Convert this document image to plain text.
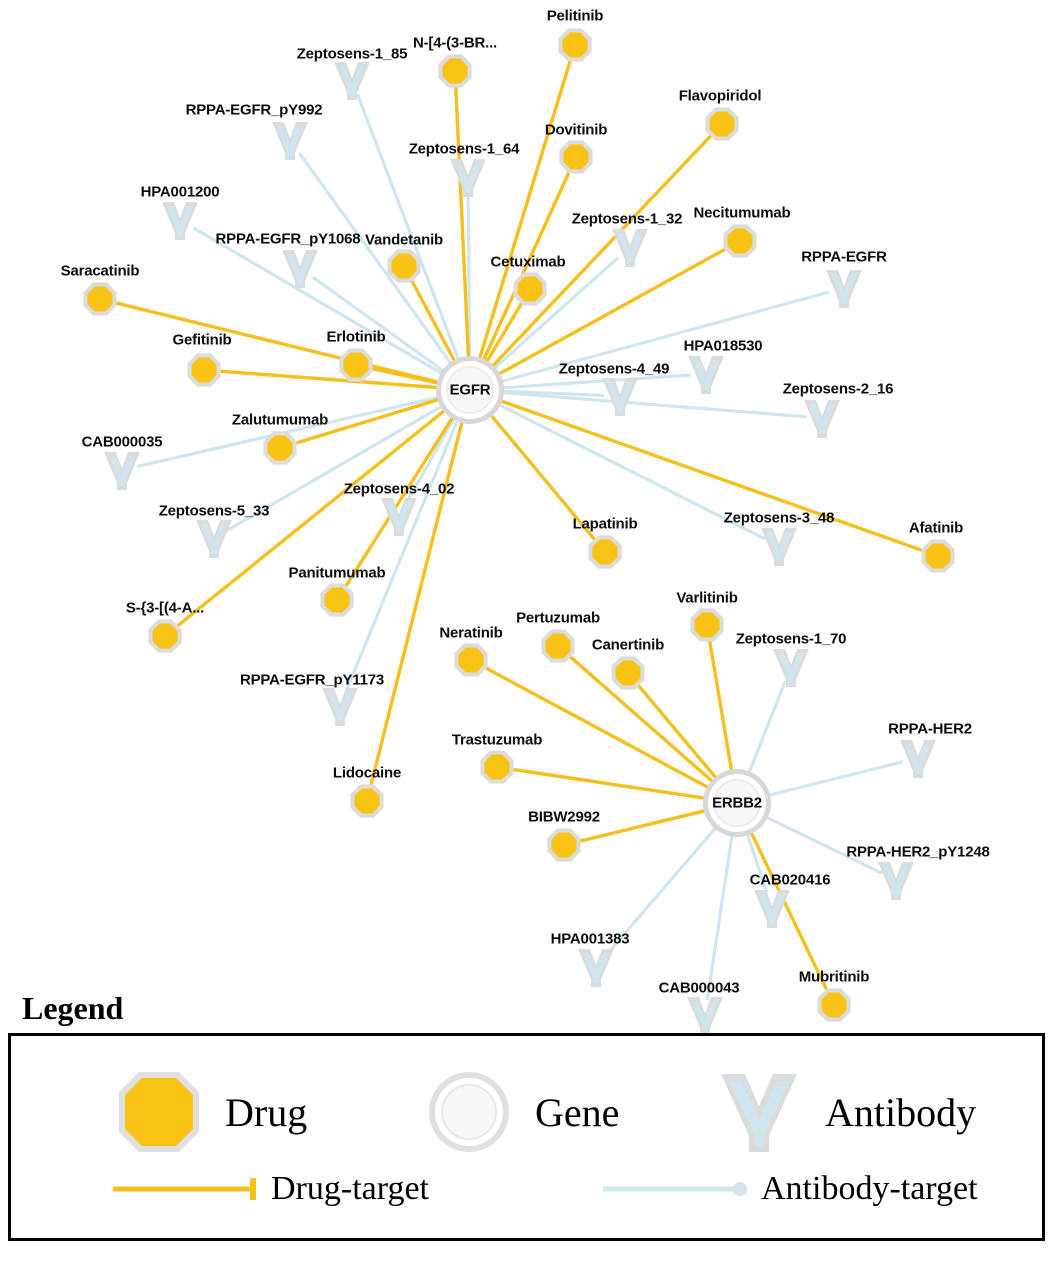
Pelitinib
N-[4-(3-BR...
Flavopiridol
Dovitinib
Necitumumab
Vandetanib
Cetuximab
Saracatinib
Erlotinib
Gefitinib
Zalutumumab
Afatinib
Lapatinib
Panitumumab
S-{3-[(4-A...
Varlitinib
Pertuzumab
Neratinib
Canertinib
Trastuzumab
Lidocaine
BIBW2992
Mubritinib
Zeptosens-1_85
RPPA-EGFR_pY992
Zeptosens-1_64
HPA001200
Zeptosens-1_32
RPPA-EGFR_pY1068
RPPA-EGFR
HPA018530
Zeptosens-4_49
Zeptosens-2_16
CAB000035
Zeptosens-4_02
Zeptosens-5_33	Zeptosens-3_48
Zeptosens-1_70
RPPA-EGFR_pY1173
RPPA-HER2
RPPA-HER2_pY1248
CAB020416
HPA001383
CAB000043
EGFR
ERBB2
Legend
Drug	Gene	Antibody
Drug-target	Antibody-target
